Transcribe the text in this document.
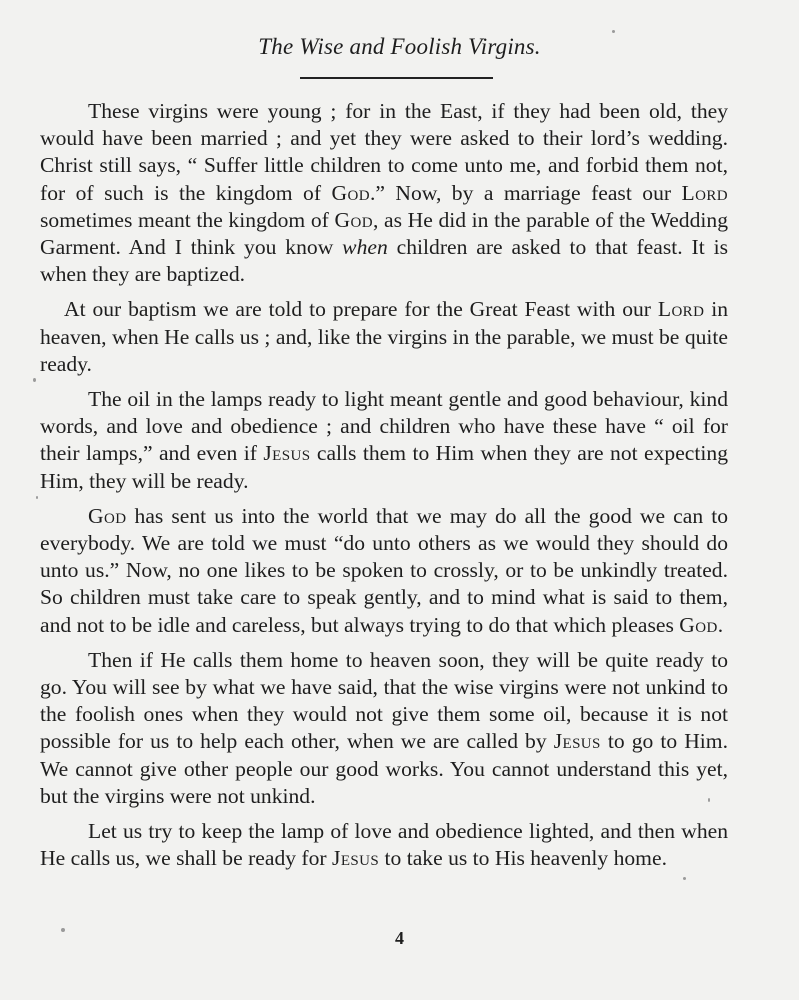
The Wise and Foolish Virgins.

These virgins were young ; for in the East, if they had been old, they would have been married ; and yet they were asked to their lord’s wedding. Christ still says, “ Suffer little children to come unto me, and forbid them not, for of such is the kingdom of God.” Now, by a marriage feast our Lord sometimes meant the kingdom of God, as He did in the parable of the Wedding Garment. And I think you know when children are asked to that feast. It is when they are baptized.

At our baptism we are told to prepare for the Great Feast with our Lord in heaven, when He calls us ; and, like the virgins in the parable, we must be quite ready.

The oil in the lamps ready to light meant gentle and good behaviour, kind words, and love and obedience ; and children who have these have “ oil for their lamps,” and even if Jesus calls them to Him when they are not expecting Him, they will be ready.

God has sent us into the world that we may do all the good we can to everybody. We are told we must “do unto others as we would they should do unto us.” Now, no one likes to be spoken to crossly, or to be unkindly treated. So children must take care to speak gently, and to mind what is said to them, and not to be idle and careless, but always trying to do that which pleases God.

Then if He calls them home to heaven soon, they will be quite ready to go. You will see by what we have said, that the wise virgins were not unkind to the foolish ones when they would not give them some oil, because it is not possible for us to help each other, when we are called by Jesus to go to Him. We cannot give other people our good works. You cannot understand this yet, but the virgins were not unkind.

Let us try to keep the lamp of love and obedience lighted, and then when He calls us, we shall be ready for Jesus to take us to His heavenly home.

4
